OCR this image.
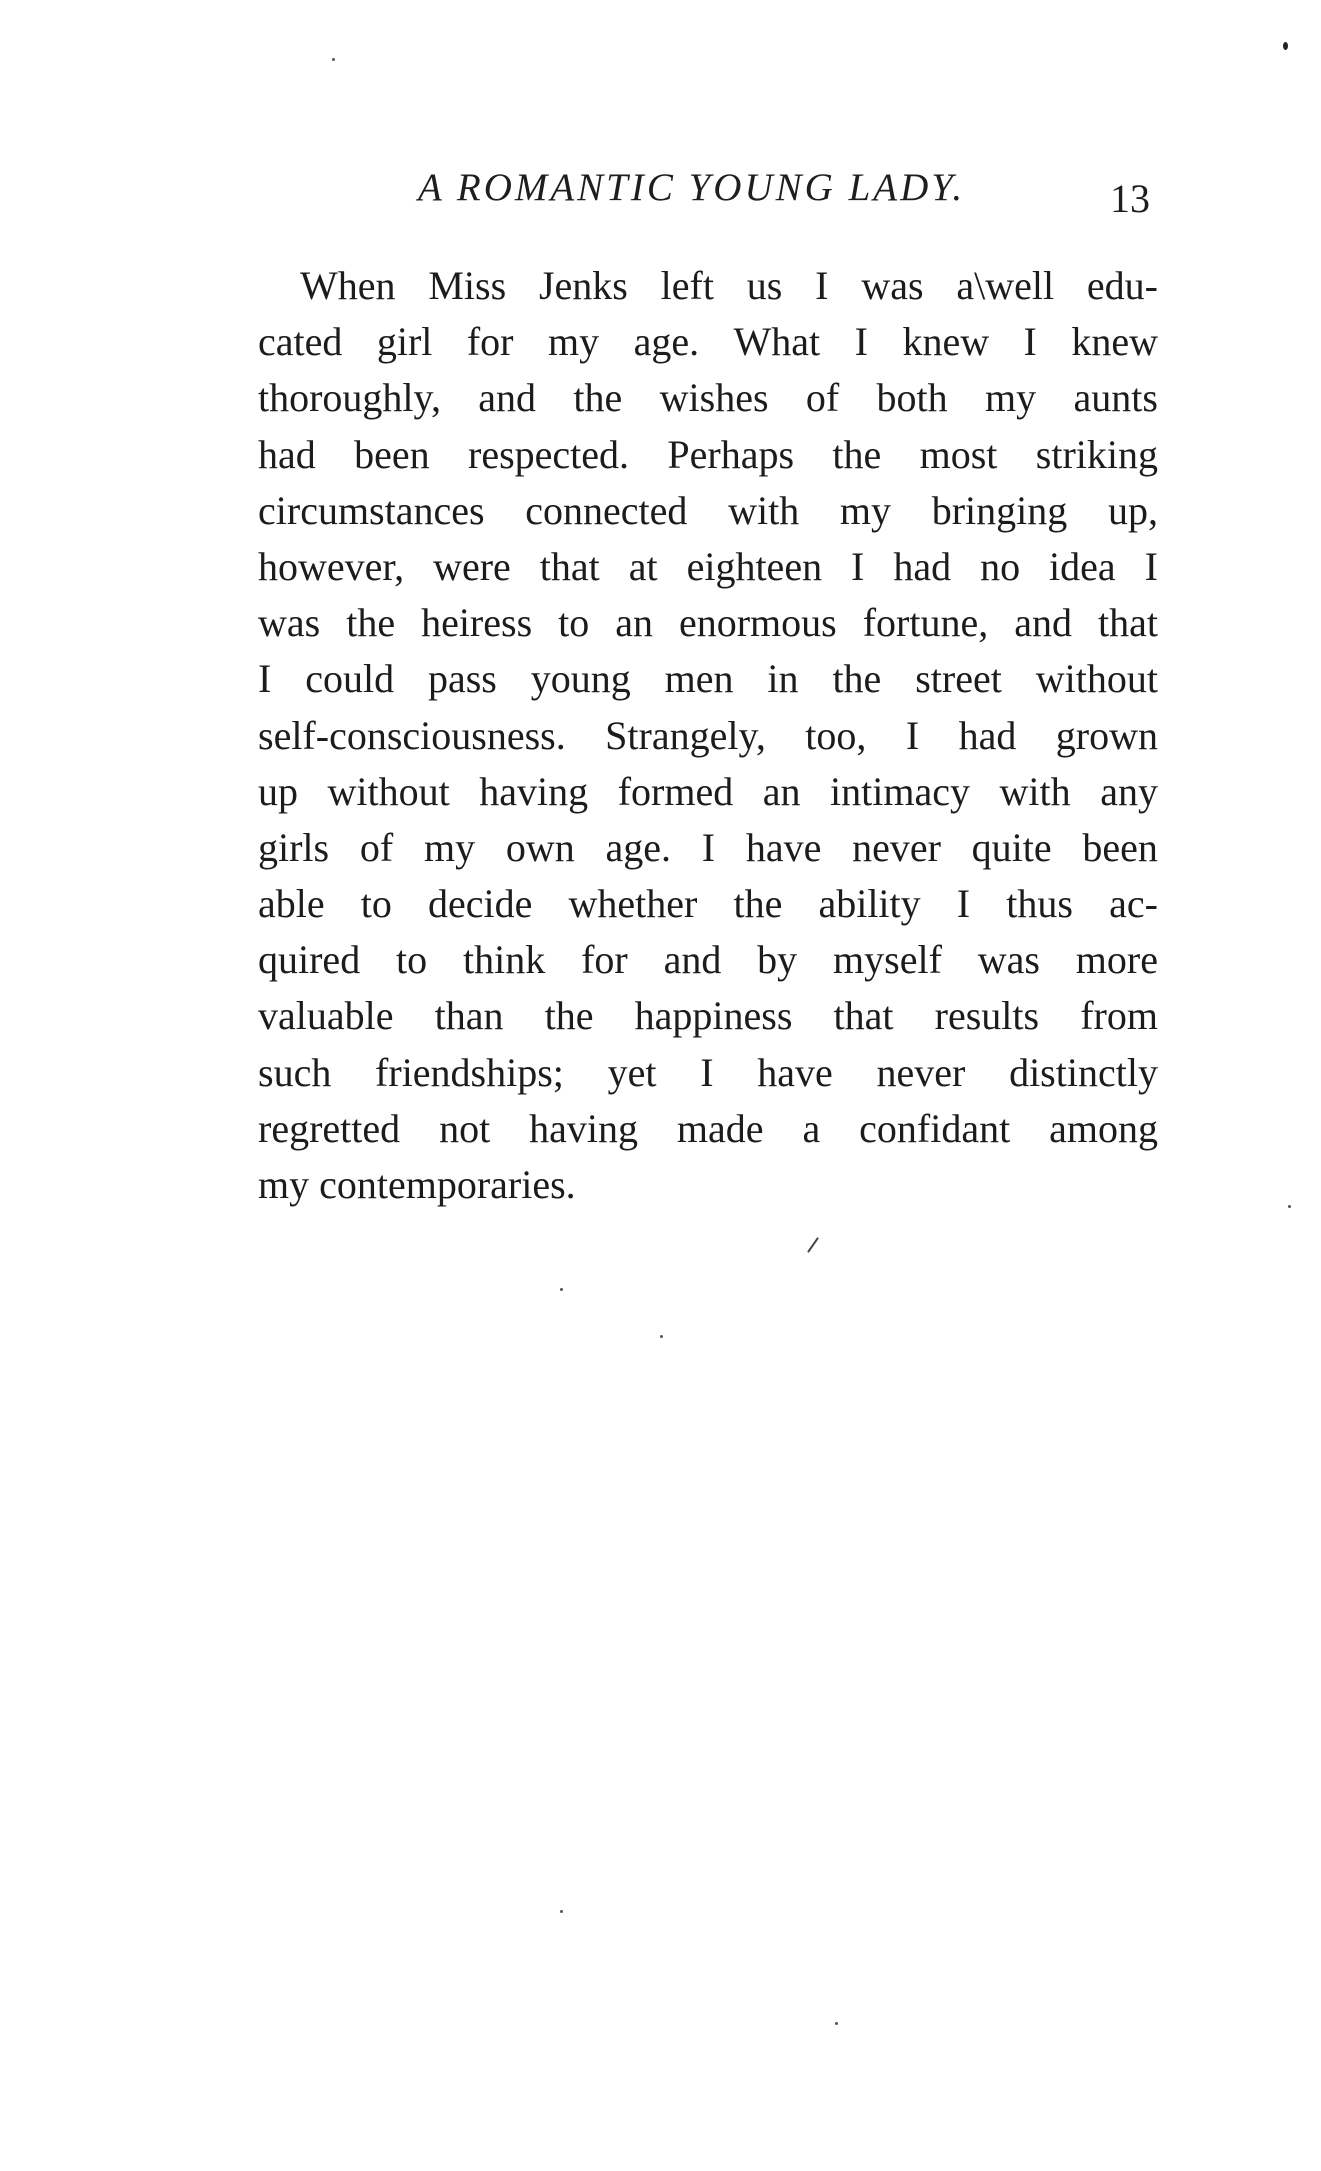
A ROMANTIC YOUNG LADY.	13
When Miss Jenks left us I was a\well edu-
cated girl for my age. What I knew I knew
thoroughly, and the wishes of both my aunts
had been respected. Perhaps the most striking
circumstances connected with my bringing up,
however, were that at eighteen I had no idea I
was the heiress to an enormous fortune, and that
I could pass young men in the street without
self-consciousness. Strangely, too, I had grown
up without having formed an intimacy with any
girls of my own age. I have never quite been
able to decide whether the ability I thus ac-
quired to think for and by myself was more
valuable than the happiness that results from
such friendships; yet I have never distinctly
regretted not having made a confidant among
my contemporaries.
